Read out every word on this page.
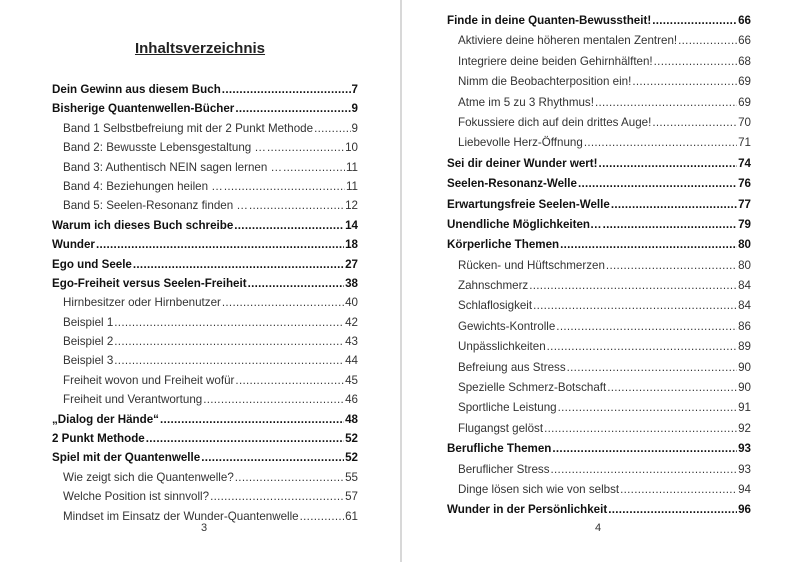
Inhaltsverzeichnis
Dein Gewinn aus diesem Buch .....	7
Bisherige Quantenwellen-Bücher .....	9
Band 1 Selbstbefreiung mit der 2 Punkt Methode .....	9
Band 2: Bewusste Lebensgestaltung … .....	10
Band 3: Authentisch NEIN sagen lernen … .....	11
Band 4: Beziehungen heilen … .....	11
Band 5: Seelen-Resonanz finden … .....	12
Warum ich dieses Buch schreibe .....	14
Wunder .....	18
Ego und Seele .....	27
Ego-Freiheit versus Seelen-Freiheit .....	38
Hirnbesitzer oder Hirnbenutzer .....	40
Beispiel 1 .....	42
Beispiel 2 .....	43
Beispiel 3 .....	44
Freiheit wovon und Freiheit wofür .....	45
Freiheit und Verantwortung .....	46
„Dialog der Hände“ .....	48
2 Punkt Methode .....	52
Spiel mit der Quantenwelle .....	52
Wie zeigt sich die Quantenwelle? .....	55
Welche Position ist sinnvoll? .....	57
Mindset im Einsatz der Wunder-Quantenwelle .....	61
3
Finde in deine Quanten-Bewusstheit! .....	66
Aktiviere deine höheren mentalen Zentren! .....	66
Integriere deine beiden Gehirnhälften! .....	68
Nimm die Beobachterposition ein! .....	69
Atme im 5 zu 3 Rhythmus! .....	69
Fokussiere dich auf dein drittes Auge! .....	70
Liebevolle Herz-Öffnung .....	71
Sei dir deiner Wunder wert! .....	74
Seelen-Resonanz-Welle .....	76
Erwartungsfreie Seelen-Welle .....	77
Unendliche Möglichkeiten… .....	79
Körperliche Themen .....	80
Rücken- und Hüftschmerzen .....	80
Zahnschmerz .....	84
Schlaflosigkeit .....	84
Gewichts-Kontrolle .....	86
Unpässlichkeiten .....	89
Befreiung aus Stress .....	90
Spezielle Schmerz-Botschaft .....	90
Sportliche Leistung .....	91
Flugangst gelöst .....	92
Berufliche Themen .....	93
Beruflicher Stress .....	93
Dinge lösen sich wie von selbst .....	94
Wunder in der Persönlichkeit .....	96
4
